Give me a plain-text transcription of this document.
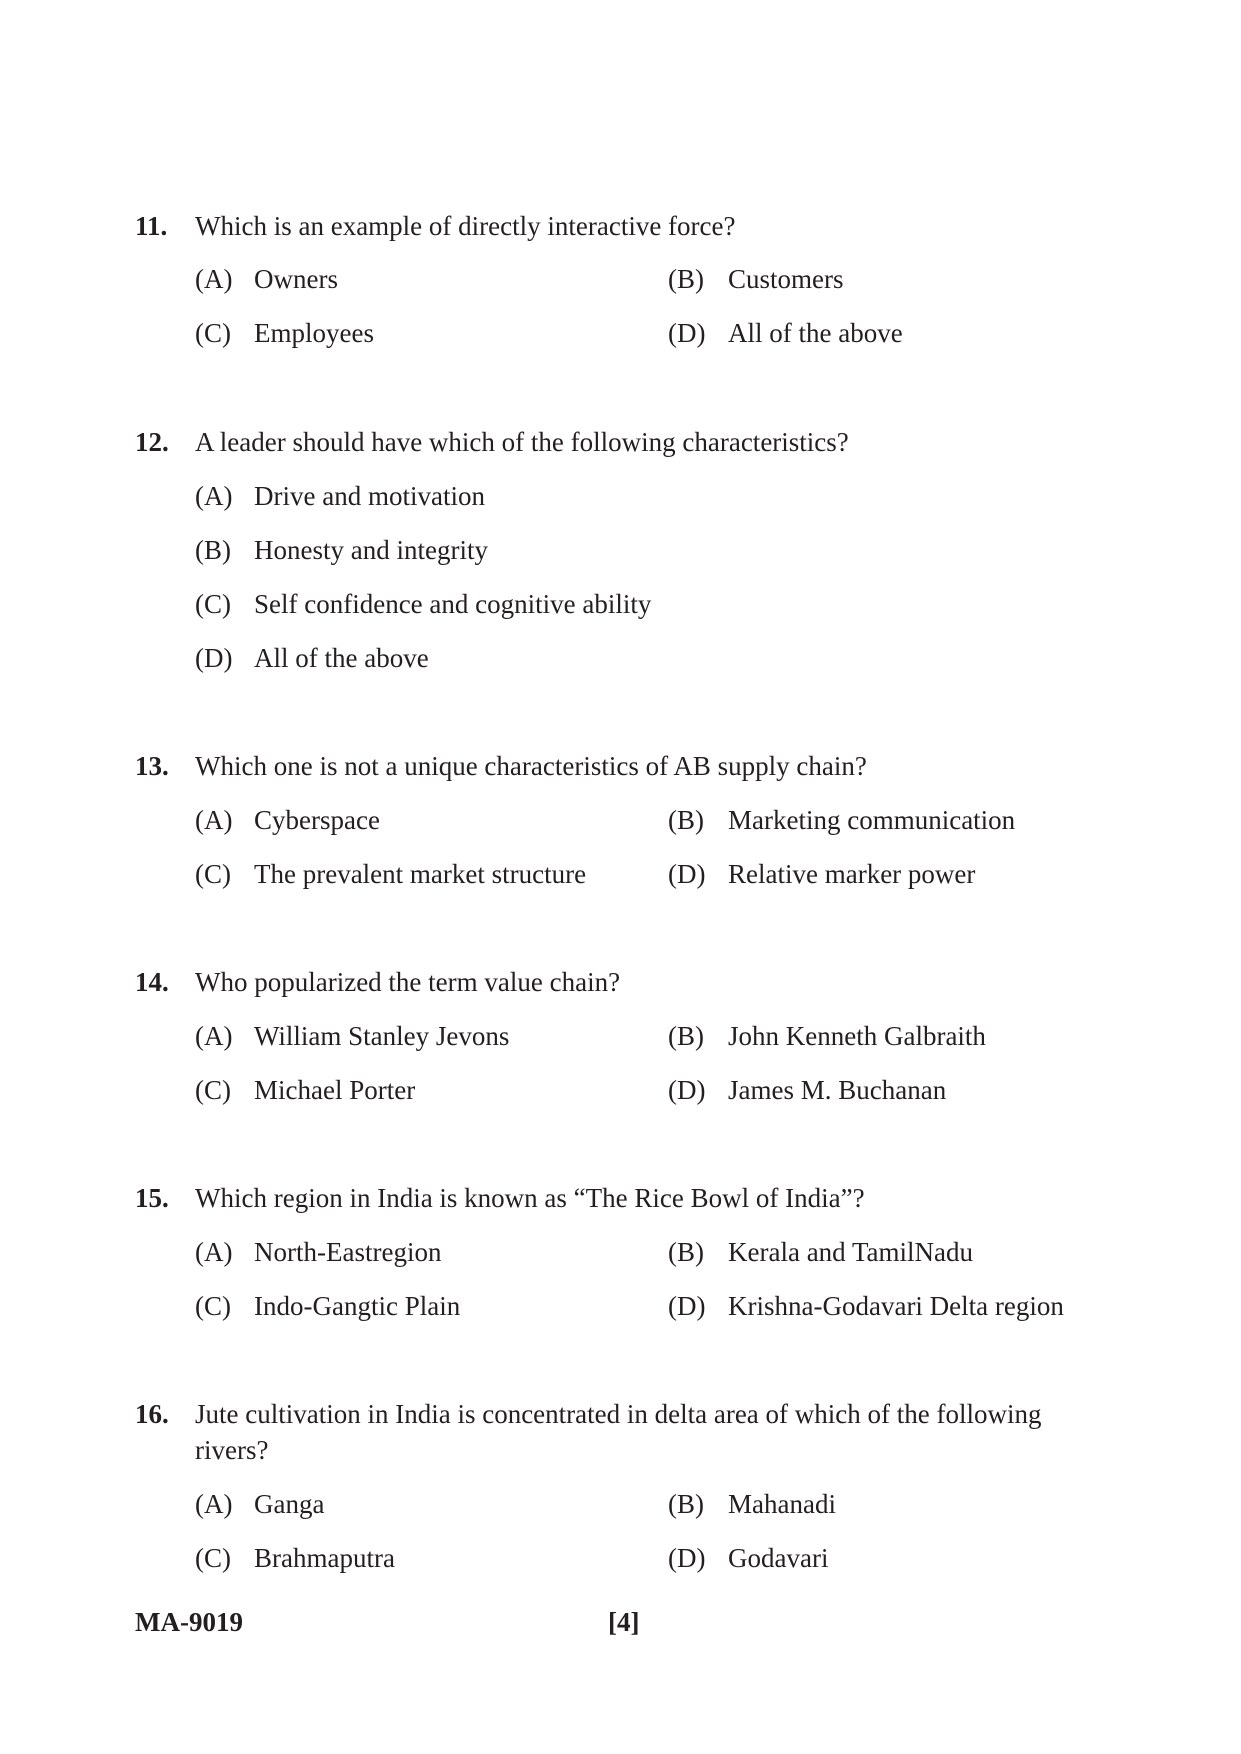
11. Which is an example of directly interactive force?
(A) Owners	(B) Customers
(C) Employees	(D) All of the above
12. A leader should have which of the following characteristics?
(A) Drive and motivation
(B) Honesty and integrity
(C) Self confidence and cognitive ability
(D) All of the above
13. Which one is not a unique characteristics of AB supply chain?
(A) Cyberspace	(B) Marketing communication
(C) The prevalent market structure	(D) Relative marker power
14. Who popularized the term value chain?
(A) William Stanley Jevons	(B) John Kenneth Galbraith
(C) Michael Porter	(D) James M. Buchanan
15. Which region in India is known as “The Rice Bowl of India”?
(A) North-Eastregion	(B) Kerala and TamilNadu
(C) Indo-Gangtic Plain	(D) Krishna-Godavari Delta region
16. Jute cultivation in India is concentrated in delta area of which of the following rivers?
(A) Ganga	(B) Mahanadi
(C) Brahmaputra	(D) Godavari
MA-9019	[4]
